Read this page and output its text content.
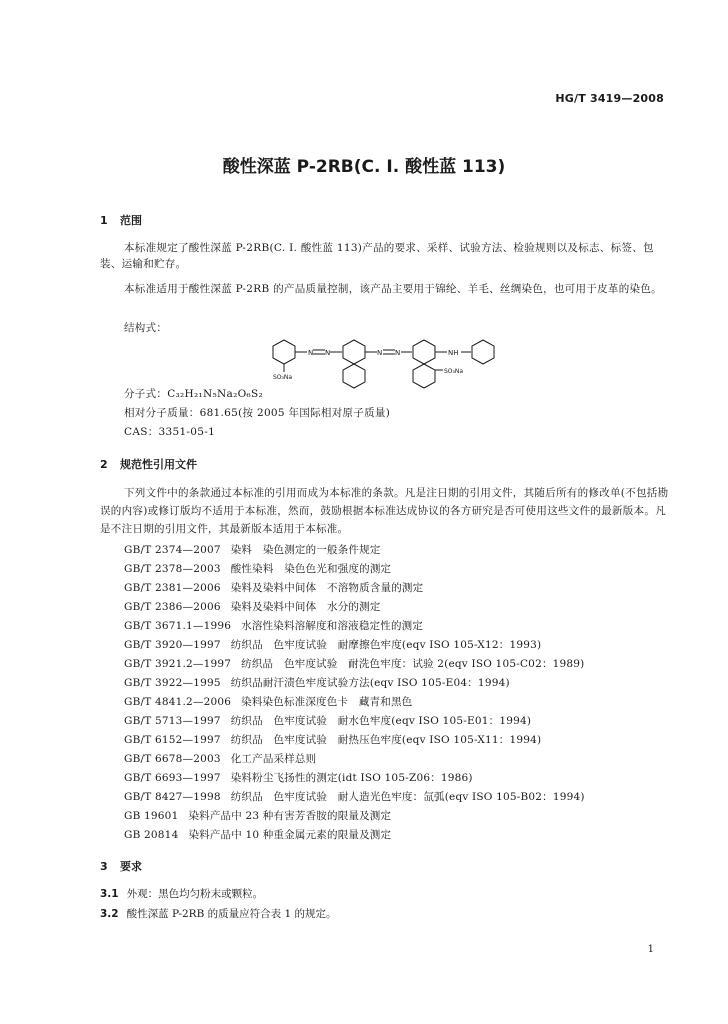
HG/T 3419—2008
酸性深蓝 P-2RB(C. I. 酸性蓝 113)
1 范围
本标准规定了酸性深蓝 P-2RB(C. I. 酸性蓝 113)产品的要求、采样、试验方法、检验规则以及标志、标签、包装、运输和贮存。
本标准适用于酸性深蓝 P-2RB 的产品质量控制，该产品主要用于锦纶、羊毛、丝绸染色，也可用于皮革的染色。
结构式：
N N	N N	NH
SO₃Na
SO₃Na
分子式：C₃₂H₂₁N₅Na₂O₆S₂
相对分子质量：681.65(按 2005 年国际相对原子质量)
CAS：3351-05-1
2 规范性引用文件
下列文件中的条款通过本标准的引用而成为本标准的条款。凡是注日期的引用文件，其随后所有的修改单(不包括勘误的内容)或修订版均不适用于本标准，然而，鼓励根据本标准达成协议的各方研究是否可使用这些文件的最新版本。凡是不注日期的引用文件，其最新版本适用于本标准。
GB/T 2374—2007 染料　染色测定的一般条件规定
GB/T 2378—2003 酸性染料　染色色光和强度的测定
GB/T 2381—2006 染料及染料中间体　不溶物质含量的测定
GB/T 2386—2006 染料及染料中间体　水分的测定
GB/T 3671.1—1996 水溶性染料溶解度和溶液稳定性的测定
GB/T 3920—1997 纺织品　色牢度试验　耐摩擦色牢度(eqv ISO 105-X12：1993)
GB/T 3921.2—1997 纺织品　色牢度试验　耐洗色牢度：试验 2(eqv ISO 105-C02：1989)
GB/T 3922—1995 纺织品耐汗渍色牢度试验方法(eqv ISO 105-E04：1994)
GB/T 4841.2—2006 染料染色标准深度色卡　藏青和黑色
GB/T 5713—1997 纺织品　色牢度试验　耐水色牢度(eqv ISO 105-E01：1994)
GB/T 6152—1997 纺织品　色牢度试验　耐热压色牢度(eqv ISO 105-X11：1994)
GB/T 6678—2003 化工产品采样总则
GB/T 6693—1997 染料粉尘飞扬性的测定(idt ISO 105-Z06：1986)
GB/T 8427—1998 纺织品　色牢度试验　耐人造光色牢度：氙弧(eqv ISO 105-B02：1994)
GB 19601 染料产品中 23 种有害芳香胺的限量及测定
GB 20814 染料产品中 10 种重金属元素的限量及测定
3 要求
3.1 外观：黑色均匀粉末或颗粒。
3.2 酸性深蓝 P-2RB 的质量应符合表 1 的规定。
1
